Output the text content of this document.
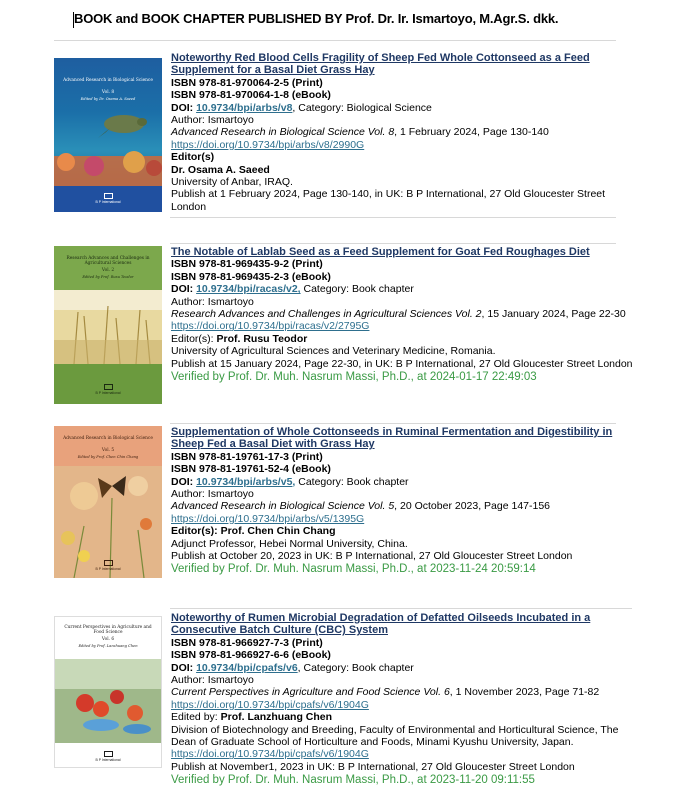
BOOK and BOOK CHAPTER PUBLISHED BY Prof. Dr. Ir. Ismartoyo, M.Agr.S. dkk.
Advanced Research in Biological Science
Vol. 8
Edited by Dr. Osama A. Saeed
B P International
Noteworthy Red Blood Cells Fragility of Sheep Fed Whole Cottonseed as a Feed Supplement for a Basal Diet Grass Hay
ISBN 978-81-970064-2-5 (Print)
ISBN 978-81-970064-1-8 (eBook)
DOI: 10.9734/bpi/arbs/v8, Category: Biological Science
Author: Ismartoyo
Advanced Research in Biological Science Vol. 8, 1 February 2024, Page 130-140
https://doi.org/10.9734/bpi/arbs/v8/2990G
Editor(s)
Dr. Osama A. Saeed
University of Anbar, IRAQ.
Publish at 1 February 2024, Page 130-140, in UK: B P International, 27 Old Gloucester Street London
Research Advances and Challenges in Agricultural Sciences
Vol. 2
Edited by Prof. Rusu Teodor
B P International
The Notable of Lablab Seed as a Feed Supplement for Goat Fed Roughages Diet
ISBN 978-81-969435-9-2 (Print)
ISBN 978-81-969435-2-3 (eBook)
DOI: 10.9734/bpi/racas/v2, Category: Book chapter
Author: Ismartoyo
Research Advances and Challenges in Agricultural Sciences Vol. 2, 15 January 2024, Page 22-30
https://doi.org/10.9734/bpi/racas/v2/2795G
Editor(s): Prof. Rusu Teodor
University of Agricultural Sciences and Veterinary Medicine, Romania.
Publish at 15 January 2024, Page 22-30, in UK: B P International, 27 Old Gloucester Street London
Verified by Prof. Dr. Muh. Nasrum Massi, Ph.D., at 2024-01-17 22:49:03
Advanced Research in Biological Science
Vol. 5
Edited by Prof. Chen Chin Chang
B P International
Supplementation of Whole Cottonseeds in Ruminal Fermentation and Digestibility in Sheep Fed a Basal Diet with Grass Hay
ISBN 978-81-19761-17-3 (Print)
ISBN 978-81-19761-52-4 (eBook)
DOI: 10.9734/bpi/arbs/v5, Category: Book chapter
Author: Ismartoyo
Advanced Research in Biological Science Vol. 5, 20 October 2023, Page 147-156
https://doi.org/10.9734/bpi/arbs/v5/1395G
Editor(s): Prof. Chen Chin Chang
Adjunct Professor, Hebei Normal University, China.
Publish at October 20, 2023 in UK: B P International, 27 Old Gloucester Street London
Verified by Prof. Dr. Muh. Nasrum Massi, Ph.D., at 2023-11-24 20:59:14
Current Perspectives in Agriculture and Food Science
Vol. 6
Edited by Prof. Lanzhuang Chen
B P International
Noteworthy of Rumen Microbial Degradation of Defatted Oilseeds Incubated in a Consecutive Batch Culture (CBC) System
ISBN 978-81-966927-7-3 (Print)
ISBN 978-81-966927-6-6 (eBook)
DOI: 10.9734/bpi/cpafs/v6, Category: Book chapter
Author: Ismartoyo
Current Perspectives in Agriculture and Food Science Vol. 6, 1 November 2023, Page 71-82
https://doi.org/10.9734/bpi/cpafs/v6/1904G
Edited by: Prof. Lanzhuang Chen
Division of Biotechnology and Breeding, Faculty of Environmental and Horticultural Science, The Dean of Graduate School of Horticulture and Foods, Minami Kyushu University, Japan.
https://doi.org/10.9734/bpi/cpafs/v6/1904G
Publish at November1, 2023 in UK: B P International, 27 Old Gloucester Street London
Verified by Prof. Dr. Muh. Nasrum Massi, Ph.D., at 2023-11-20 09:11:55
